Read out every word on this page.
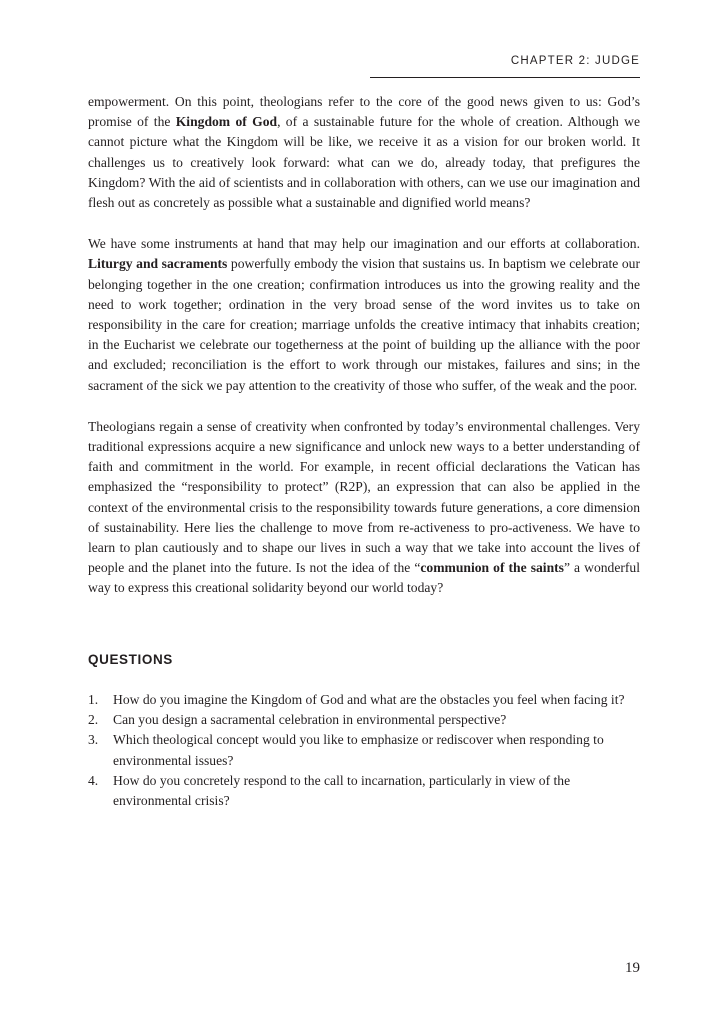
CHAPTER 2: JUDGE

empowerment. On this point, theologians refer to the core of the good news given to us: God’s promise of the Kingdom of God, of a sustainable future for the whole of creation. Although we cannot picture what the Kingdom will be like, we receive it as a vision for our broken world. It challenges us to creatively look forward: what can we do, already today, that prefigures the Kingdom? With the aid of scientists and in collaboration with others, can we use our imagination and flesh out as concretely as possible what a sustainable and dignified world means?

We have some instruments at hand that may help our imagination and our efforts at collaboration. Liturgy and sacraments powerfully embody the vision that sustains us. In baptism we celebrate our belonging together in the one creation; confirmation introduces us into the growing reality and the need to work together; ordination in the very broad sense of the word invites us to take on responsibility in the care for creation; marriage unfolds the creative intimacy that inhabits creation; in the Eucharist we celebrate our togetherness at the point of building up the alliance with the poor and excluded; reconciliation is the effort to work through our mistakes, failures and sins; in the sacrament of the sick we pay attention to the creativity of those who suffer, of the weak and the poor.

Theologians regain a sense of creativity when confronted by today’s environmental challenges. Very traditional expressions acquire a new significance and unlock new ways to a better understanding of faith and commitment in the world. For example, in recent official declarations the Vatican has emphasized the “responsibility to protect” (R2P), an expression that can also be applied in the context of the environmental crisis to the responsibility towards future generations, a core dimension of sustainability. Here lies the challenge to move from re-activeness to pro-activeness. We have to learn to plan cautiously and to shape our lives in such a way that we take into account the lives of people and the planet into the future. Is not the idea of the “communion of the saints” a wonderful way to express this creational solidarity beyond our world today?

QUESTIONS
1. How do you imagine the Kingdom of God and what are the obstacles you feel when facing it?
2. Can you design a sacramental celebration in environmental perspective?
3. Which theological concept would you like to emphasize or rediscover when responding to environmental issues?
4. How do you concretely respond to the call to incarnation, particularly in view of the environmental crisis?
19
